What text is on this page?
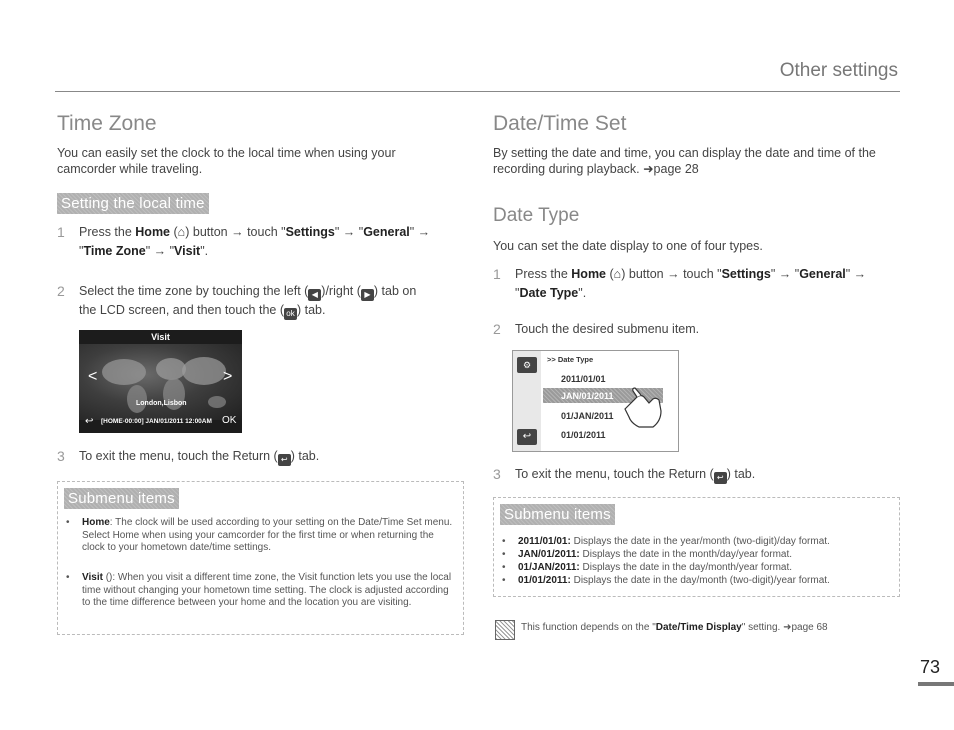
Other settings
Time Zone
You can easily set the clock to the local time when using your camcorder while traveling.
Setting the local time
1 Press the Home (⌂) button → touch "Settings" → "General" →
"Time Zone" → "Visit".
2 Select the time zone by touching the left ( ◀ )/right ( ▶ ) tab on
the LCD screen, and then touch the ( ok ) tab.
Visit
<	>
London,Lisbon
↩ [HOME-00:00] JAN/01/2011 12:00AM OK
3 To exit the menu, touch the Return ( ↩ ) tab.
Submenu items
• Home: The clock will be used according to your setting on the Date/Time Set menu. Select Home when using your camcorder for the first time or when returning the clock to your hometown date/time settings.
• Visit (): When you visit a different time zone, the Visit function lets you use the local time without changing your hometown time setting. The clock is adjusted according to the time difference between your home and the location you are visiting.
Date/Time Set
By setting the date and time, you can display the date and time of the recording during playback. ➜page 28
Date Type
You can set the date display to one of four types.
1 Press the Home (⌂) button → touch "Settings" → "General" →
"Date Type".
2 Touch the desired submenu item.
⚙
↩
>> Date Type
2011/01/01
JAN/01/2011
01/JAN/2011
01/01/2011
3 To exit the menu, touch the Return ( ↩ ) tab.
Submenu items
• 2011/01/01: Displays the date in the year/month (two-digit)/day format.
• JAN/01/2011: Displays the date in the month/day/year format.
• 01/JAN/2011: Displays the date in the day/month/year format.
• 01/01/2011: Displays the date in the day/month (two-digit)/year format.
This function depends on the "Date/Time Display" setting. ➜page 68
73
